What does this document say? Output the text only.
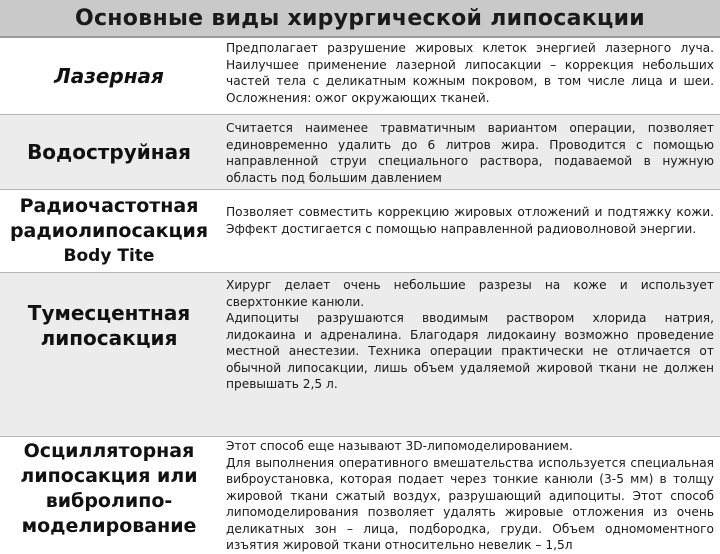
Основные виды хирургической липосакции
Лазерная

Предполагает разрушение жировых клеток энергией лазерного луча. Наилучшее применение лазерной липосакции – коррекция небольших частей тела с деликатным кожным покровом, в том числе лица и шеи. Осложнения: ожог окружающих тканей.

Водоструйная

Считается наименее травматичным вариантом операции, позволяет единовременно удалить до 6 литров жира. Проводится с помощью направленной струи специального раствора, подаваемой в нужную область под большим давлением

Радиочастотная
радиолипосакция
Body Tite

Позволяет совместить коррекцию жировых отложений и подтяжку кожи. Эффект достигается с помощью направленной радиоволновой энергии.

Тумесцентная
липосакция

Хирург делает очень небольшие разрезы на коже и использует сверхтонкие канюли.

Адипоциты разрушаются вводимым раствором хлорида натрия, лидокаина и адреналина. Благодаря лидокаину возможно проведение местной анестезии. Техника операции практически не отличается от обычной липосакции, лишь объем удаляемой жировой ткани не должен превышать 2,5 л.

Осцилляторная
липосакция или
вибролипо-
моделирование

Этот способ еще называют 3D-липомоделированием.

Для выполнения оперативного вмешательства используется специальная виброустановка, которая подает через тонкие канюли (3-5 мм) в толщу жировой ткани сжатый воздух, разрушающий адипоциты. Этот способ липомоделирования позволяет удалять жировые отложения из очень деликатных зон – лица, подбородка, груди. Объем одномоментного изъятия жировой ткани относительно невелик – 1,5л
